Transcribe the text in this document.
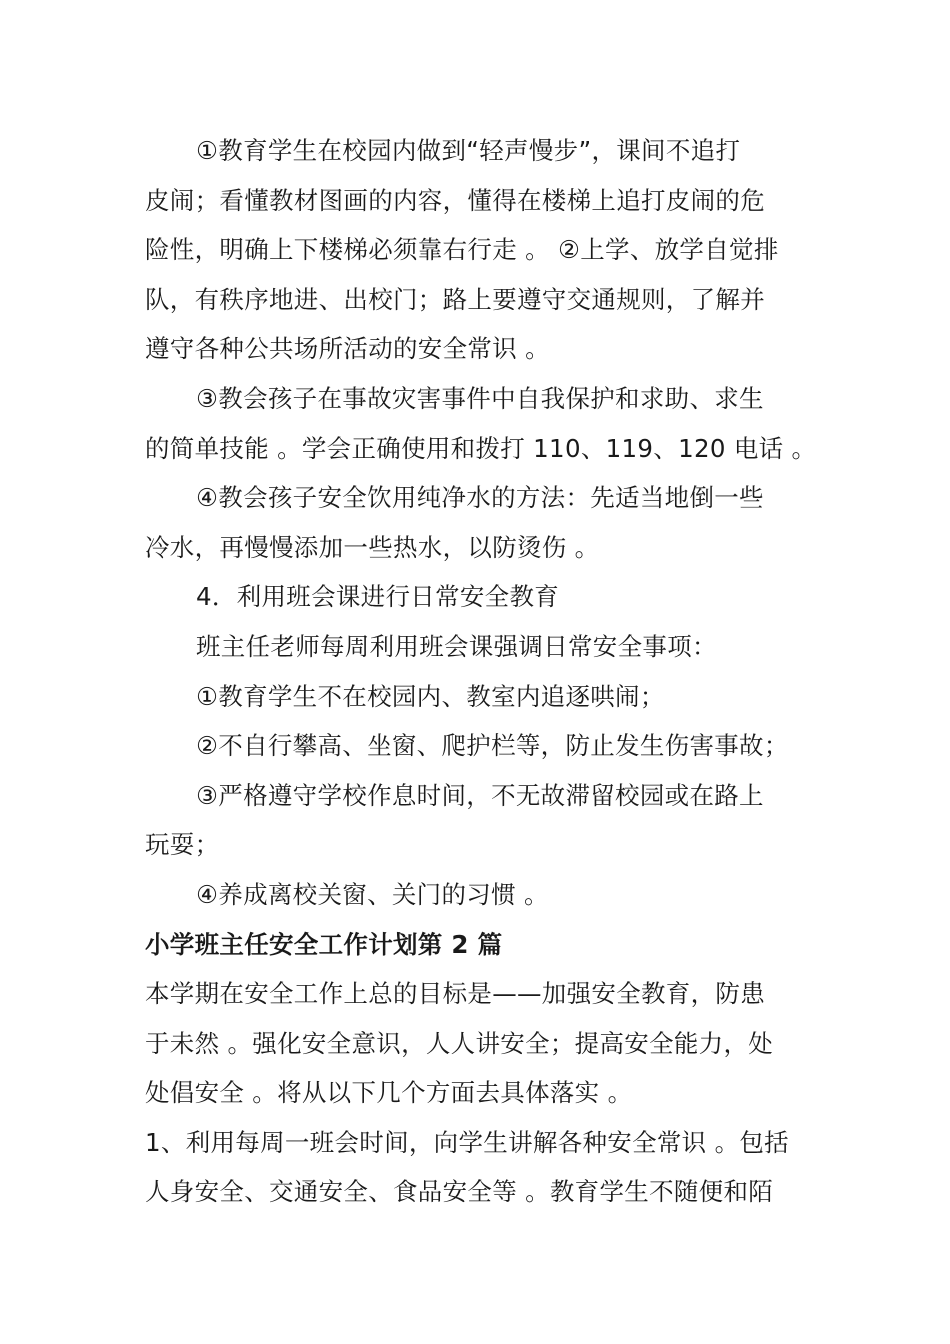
①教育学生在校园内做到“轻声慢步”，课间不追打
皮闹；看懂教材图画的内容，懂得在楼梯上追打皮闹的危
险性，明确上下楼梯必须靠右行走 。 ②上学、放学自觉排
队，有秩序地进、出校门；路上要遵守交通规则，了解并
遵守各种公共场所活动的安全常识 。
③教会孩子在事故灾害事件中自我保护和求助、求生
的简单技能 。学会正确使用和拨打 110、119、120 电话 。
④教会孩子安全饮用纯净水的方法：先适当地倒一些
冷水，再慢慢添加一些热水，以防烫伤 。
4．利用班会课进行日常安全教育
班主任老师每周利用班会课强调日常安全事项：
①教育学生不在校园内、教室内追逐哄闹；
②不自行攀高、坐窗、爬护栏等，防止发生伤害事故；
③严格遵守学校作息时间，不无故滞留校园或在路上
玩耍；
④养成离校关窗、关门的习惯 。
小学班主任安全工作计划第 2 篇
本学期在安全工作上总的目标是——加强安全教育，防患
于未然 。强化安全意识，人人讲安全；提高安全能力，处
处倡安全 。将从以下几个方面去具体落实 。
1、利用每周一班会时间，向学生讲解各种安全常识 。包括
人身安全、交通安全、食品安全等 。教育学生不随便和陌
